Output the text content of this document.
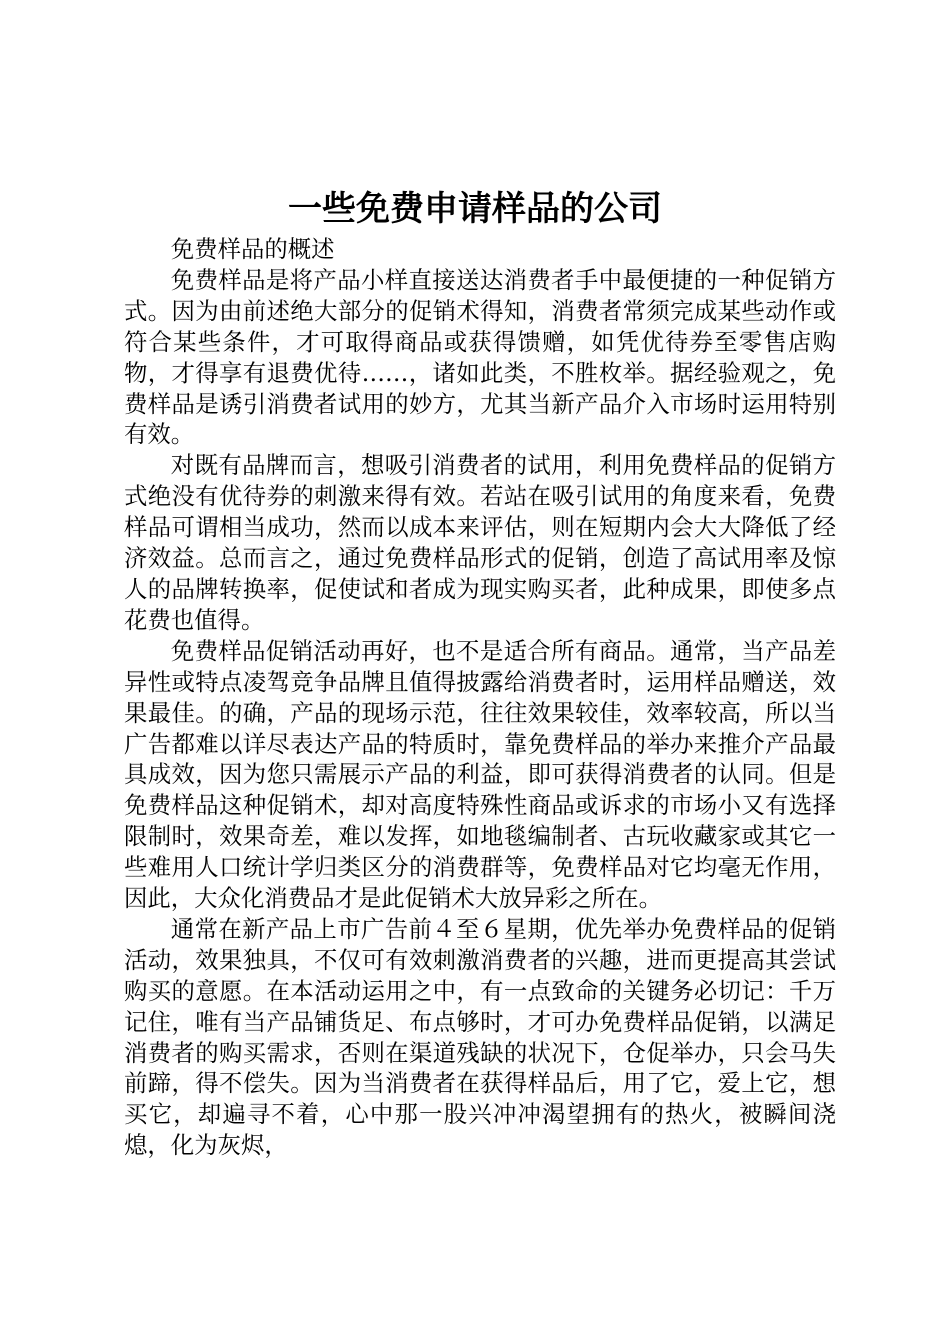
一些免费申请样品的公司

免费样品的概述

免费样品是将产品小样直接送达消费者手中最便捷的一种促销方式。因为由前述绝大部分的促销术得知，消费者常须完成某些动作或符合某些条件，才可取得商品或获得馈赠，如凭优待券至零售店购物，才得享有退费优待……，诸如此类，不胜枚举。据经验观之，免费样品是诱引消费者试用的妙方，尤其当新产品介入市场时运用特别有效。

对既有品牌而言，想吸引消费者的试用，利用免费样品的促销方式绝没有优待券的刺激来得有效。若站在吸引试用的角度来看，免费样品可谓相当成功，然而以成本来评估，则在短期内会大大降低了经济效益。总而言之，通过免费样品形式的促销，创造了高试用率及惊人的品牌转换率，促使试和者成为现实购买者，此种成果，即使多点花费也值得。

免费样品促销活动再好，也不是适合所有商品。通常，当产品差异性或特点凌驾竞争品牌且值得披露给消费者时，运用样品赠送，效果最佳。的确，产品的现场示范，往往效果较佳，效率较高，所以当广告都难以详尽表达产品的特质时，靠免费样品的举办来推介产品最具成效，因为您只需展示产品的利益，即可获得消费者的认同。但是免费样品这种促销术，却对高度特殊性商品或诉求的市场小又有选择限制时，效果奇差，难以发挥，如地毯编制者、古玩收藏家或其它一些难用人口统计学归类区分的消费群等，免费样品对它均毫无作用，因此，大众化消费品才是此促销术大放异彩之所在。

通常在新产品上市广告前４至６星期，优先举办免费样品的促销活动，效果独具，不仅可有效刺激消费者的兴趣，进而更提高其尝试购买的意愿。在本活动运用之中，有一点致命的关键务必切记：千万记住，唯有当产品铺货足、布点够时，才可办免费样品促销，以满足消费者的购买需求，否则在渠道残缺的状况下，仓促举办，只会马失前蹄，得不偿失。因为当消费者在获得样品后，用了它，爱上它，想买它，却遍寻不着，心中那一股兴冲冲渴望拥有的热火，被瞬间浇熄，化为灰烬，
